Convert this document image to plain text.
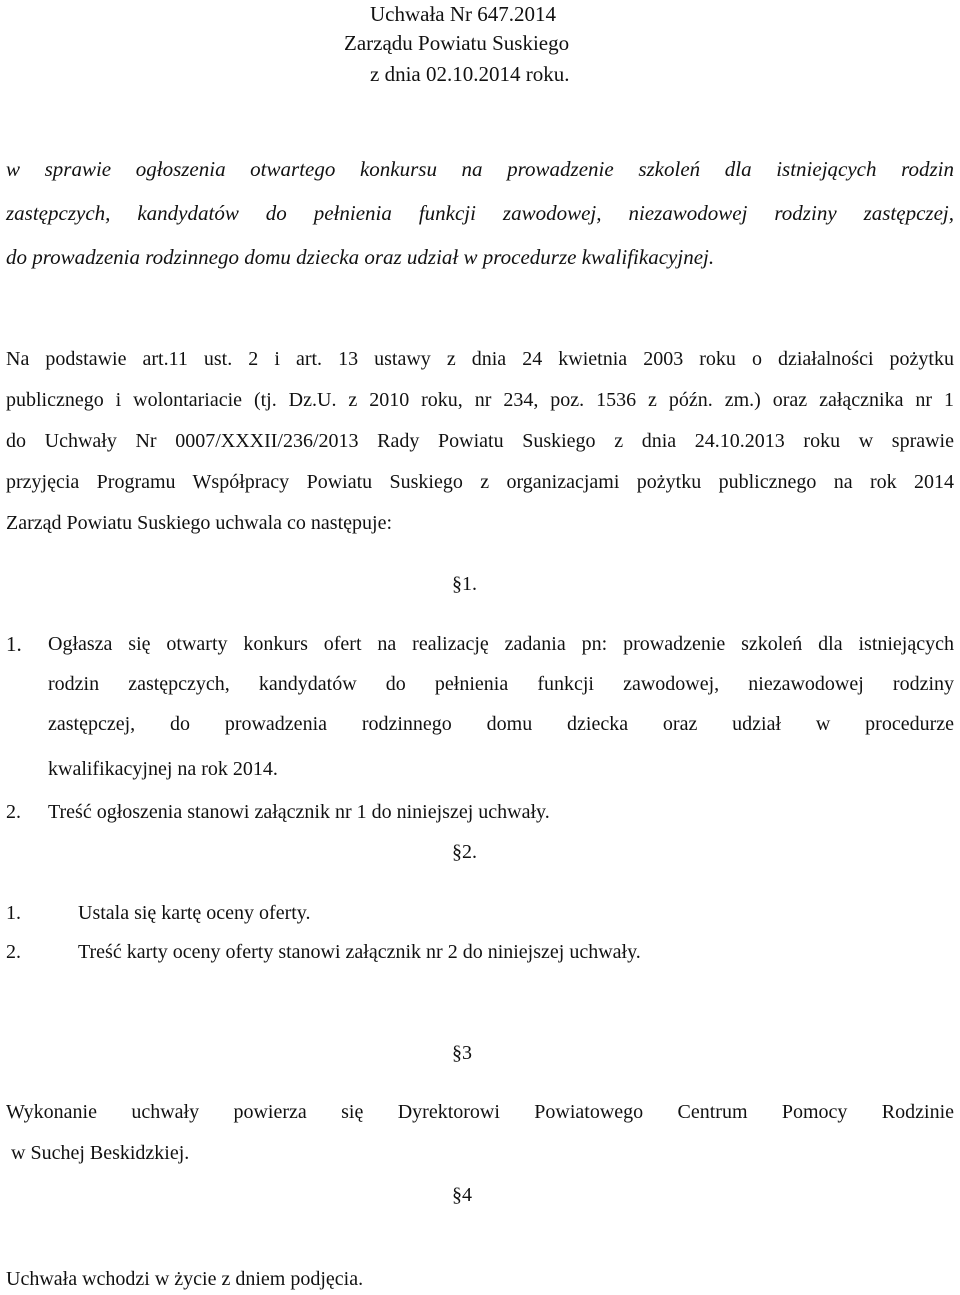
Uchwała Nr 647.2014
Zarządu Powiatu Suskiego
z dnia 02.10.2014 roku.
w sprawie ogłoszenia otwartego konkursu na prowadzenie szkoleń dla istniejących rodzin
zastępczych, kandydatów do pełnienia funkcji zawodowej, niezawodowej rodziny zastępczej,
do prowadzenia rodzinnego domu dziecka oraz udział w procedurze kwalifikacyjnej.
Na podstawie art.11 ust. 2 i art. 13 ustawy z dnia 24 kwietnia 2003 roku o działalności pożytku
publicznego i wolontariacie (tj. Dz.U. z 2010 roku, nr 234, poz. 1536 z późn. zm.) oraz załącznika nr 1
do Uchwały Nr 0007/XXXII/236/2013 Rady Powiatu Suskiego z dnia 24.10.2013 roku w sprawie
przyjęcia Programu Współpracy Powiatu Suskiego z organizacjami pożytku publicznego na rok 2014
Zarząd Powiatu Suskiego uchwala co następuje:
§1.
1. Ogłasza się otwarty konkurs ofert na realizację zadania pn: prowadzenie szkoleń dla istniejących
rodzin zastępczych, kandydatów do pełnienia funkcji zawodowej, niezawodowej rodziny
zastępczej, do prowadzenia rodzinnego domu dziecka oraz udział w procedurze
kwalifikacyjnej na rok 2014.
2. Treść ogłoszenia stanowi załącznik nr 1 do niniejszej uchwały.
§2.
1.	Ustala się kartę oceny oferty.
2.	Treść karty oceny oferty stanowi załącznik nr 2 do niniejszej uchwały.
§3
Wykonanie uchwały powierza się Dyrektorowi Powiatowego Centrum Pomocy Rodzinie
w Suchej Beskidzkiej.
§4
Uchwała wchodzi w życie z dniem podjęcia.
